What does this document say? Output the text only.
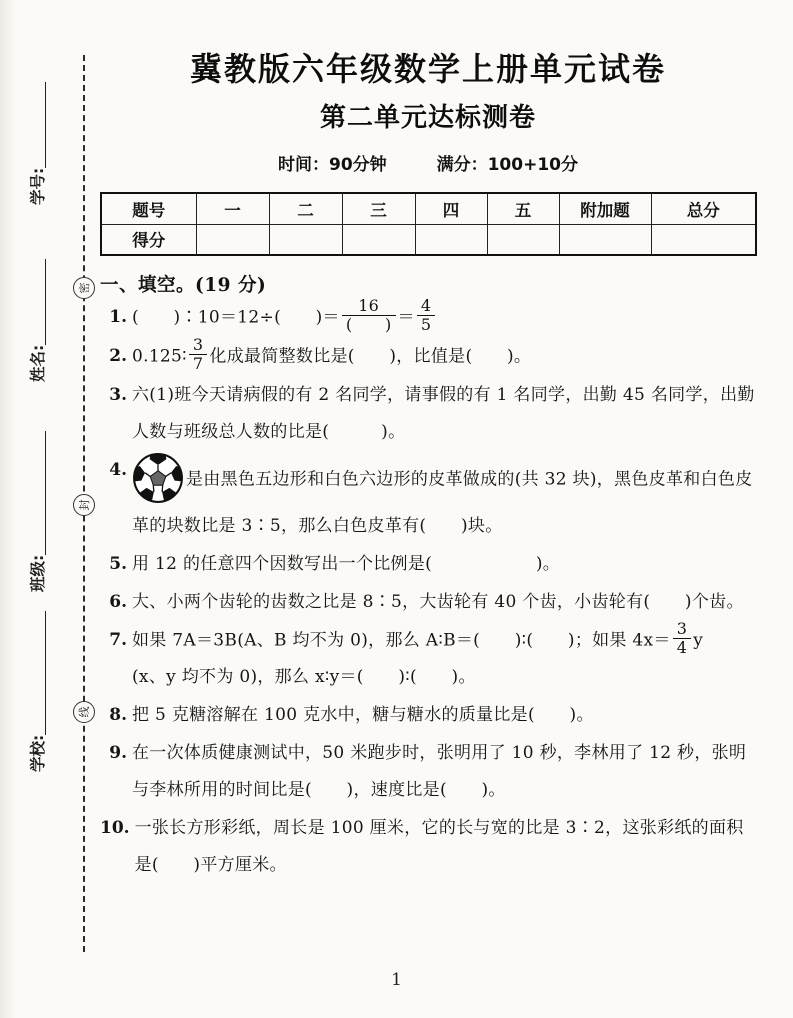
密
封
线
学号:
姓名:
班级:
学校:
冀教版六年级数学上册单元试卷
第二单元达标测卷
时间：90分钟	满分：100+10分
题号	一	二	三	四	五	附加题	总分
得分							
一、填空。(19 分)
1. (　　)∶10＝12÷(　　)＝ $\frac{16}{( )} = \frac{4}{5}$
2. 0.125∶ $\frac{3}{7}$ 化成最简整数比是(　　)，比值是(　　)。
3. 六(1)班今天请病假的有 2 名同学，请事假的有 1 名同学，出勤 45 名同学，出勤人数与班级总人数的比是(　　　)。
4.	是由黑色五边形和白色六边形的皮革做成的(共 32 块)，黑色皮革和白色皮革的块数比是 3∶5，那么白色皮革有(　　)块。
5. 用 12 的任意四个因数写出一个比例是(　　　　　　)。
6. 大、小两个齿轮的齿数之比是 8∶5，大齿轮有 40 个齿，小齿轮有(　　)个齿。
7. 如果 7A＝3B(A、B 均不为 0)，那么 A∶B＝(　　)∶(　　)；如果 $4x= \frac{3}{4}$ y
(x、y 均不为 0)，那么 x∶y＝(　　)∶(　　)。
8. 把 5 克糖溶解在 100 克水中，糖与糖水的质量比是(　　)。
9. 在一次体质健康测试中，50 米跑步时，张明用了 10 秒，李林用了 12 秒，张明与李林所用的时间比是(　　)，速度比是(　　)。
10. 一张长方形彩纸，周长是 100 厘米，它的长与宽的比是 3∶2，这张彩纸的面积是(　　)平方厘米。
1
